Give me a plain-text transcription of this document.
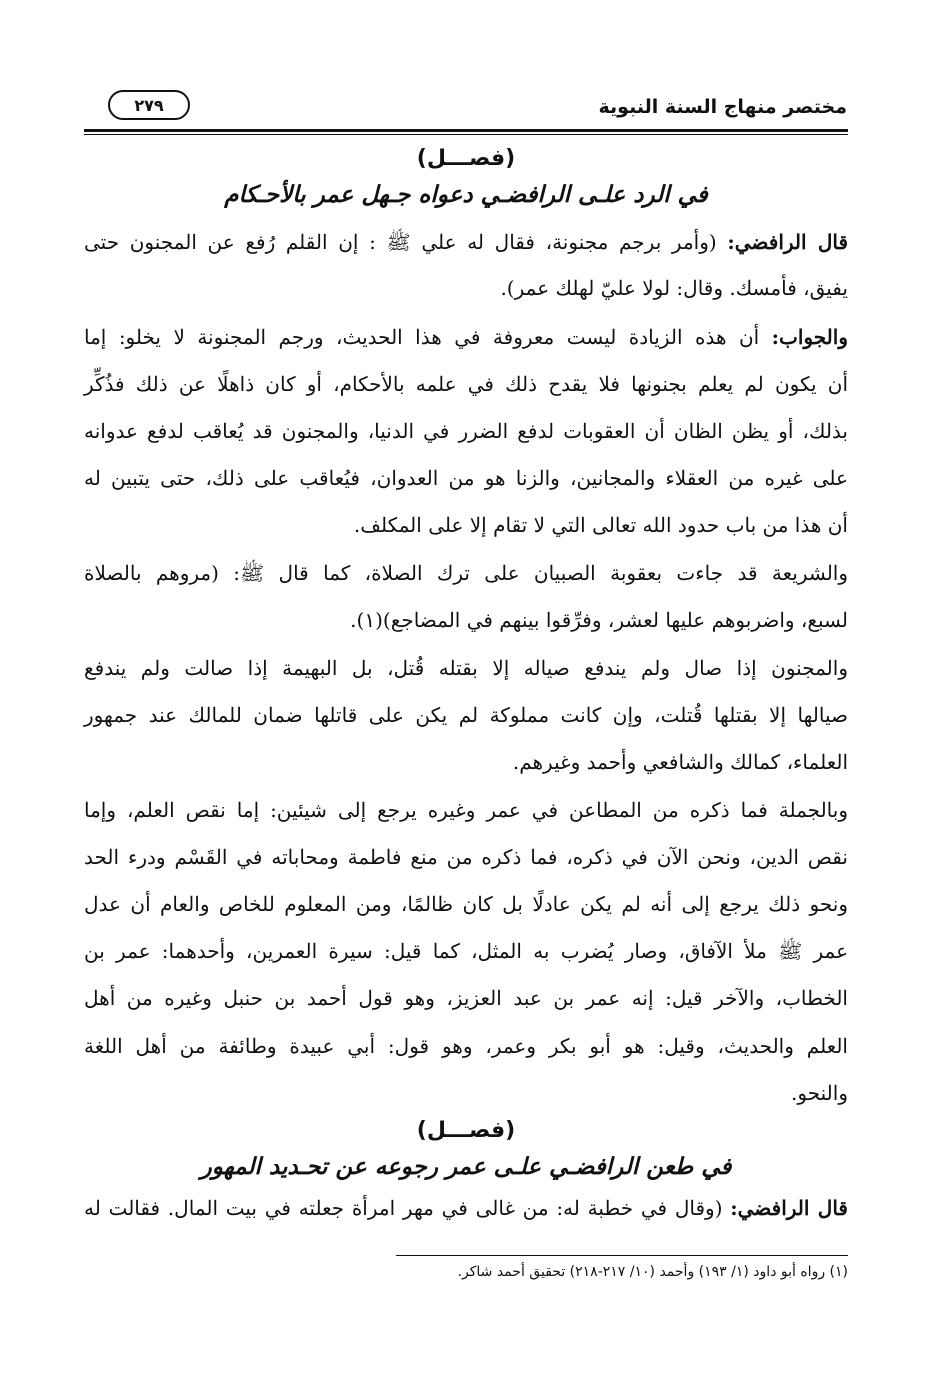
مختصر منهاج السنة النبوية
٢٧٩
(فصـــل)
في الرد علـى الرافضـي دعواه جـهل عمر بالأحـكام
قال الرافضي: (وأمر برجم مجنونة، فقال له علي ﷺ : إن القلم رُفع عن المجنون حتى
يفيق، فأمسك. وقال: لولا عليّ لهلك عمر).
والجواب: أن هذه الزيادة ليست معروفة في هذا الحديث، ورجم المجنونة لا يخلو: إما
أن يكون لم يعلم بجنونها فلا يقدح ذلك في علمه بالأحكام، أو كان ذاهلًا عن ذلك فذُكِّر
بذلك، أو يظن الظان أن العقوبات لدفع الضرر في الدنيا، والمجنون قد يُعاقب لدفع عدوانه
على غيره من العقلاء والمجانين، والزنا هو من العدوان، فيُعاقب على ذلك، حتى يتبين له
أن هذا من باب حدود الله تعالى التي لا تقام إلا على المكلف.
والشريعة قد جاءت بعقوبة الصبيان على ترك الصلاة، كما قال ﷺ: (مروهم بالصلاة
لسبع، واضربوهم عليها لعشر، وفرِّقوا بينهم في المضاجع)(١).
والمجنون إذا صال ولم يندفع صياله إلا بقتله قُتل، بل البهيمة إذا صالت ولم يندفع
صيالها إلا بقتلها قُتلت، وإن كانت مملوكة لم يكن على قاتلها ضمان للمالك عند جمهور
العلماء، كمالك والشافعي وأحمد وغيرهم.
وبالجملة فما ذكره من المطاعن في عمر وغيره يرجع إلى شيئين: إما نقص العلم، وإما
نقص الدين، ونحن الآن في ذكره، فما ذكره من منع فاطمة ومحاباته في القَسْم ودرء الحد
ونحو ذلك يرجع إلى أنه لم يكن عادلًا بل كان ظالمًا، ومن المعلوم للخاص والعام أن عدل
عمر ﷺ ملأ الآفاق، وصار يُضرب به المثل، كما قيل: سيرة العمرين، وأحدهما: عمر بن
الخطاب، والآخر قيل: إنه عمر بن عبد العزيز، وهو قول أحمد بن حنبل وغيره من أهل
العلم والحديث، وقيل: هو أبو بكر وعمر، وهو قول: أبي عبيدة وطائفة من أهل اللغة
والنحو.
(فصـــل)
في طعن الرافضـي علـى عمر رجوعه عن تحـديد المهور
قال الرافضي: (وقال في خطبة له: من غالى في مهر امرأة جعلته في بيت المال. فقالت له
(١) رواه أبو داود (١/ ١٩٣) وأحمد (١٠/ ٢١٧-٢١٨) تحقيق أحمد شاكر.
